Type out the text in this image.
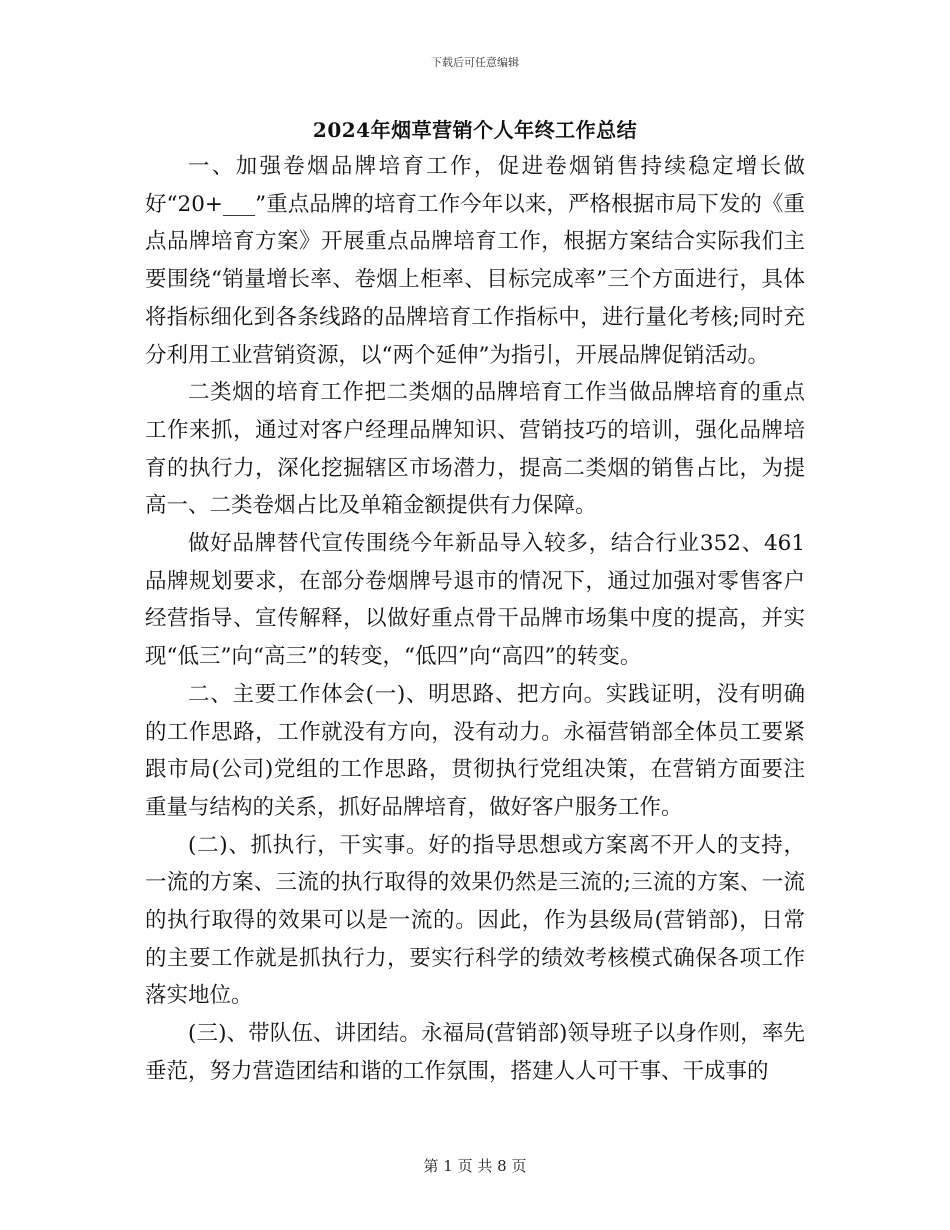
下载后可任意编辑
2024年烟草营销个人年终工作总结

一、加强卷烟品牌培育工作，促进卷烟销售持续稳定增长做好“20+___”重点品牌的培育工作今年以来，严格根据市局下发的《重点品牌培育方案》开展重点品牌培育工作，根据方案结合实际我们主要围绕“销量增长率、卷烟上柜率、目标完成率”三个方面进行，具体将指标细化到各条线路的品牌培育工作指标中，进行量化考核;同时充分利用工业营销资源，以“两个延伸”为指引，开展品牌促销活动。

二类烟的培育工作把二类烟的品牌培育工作当做品牌培育的重点工作来抓，通过对客户经理品牌知识、营销技巧的培训，强化品牌培育的执行力，深化挖掘辖区市场潜力，提高二类烟的销售占比，为提高一、二类卷烟占比及单箱金额提供有力保障。

做好品牌替代宣传围绕今年新品导入较多，结合行业352、461品牌规划要求，在部分卷烟牌号退市的情况下，通过加强对零售客户经营指导、宣传解释，以做好重点骨干品牌市场集中度的提高，并实现“低三”向“高三”的转变，“低四”向“高四”的转变。

二、主要工作体会(一)、明思路、把方向。实践证明，没有明确的工作思路，工作就没有方向，没有动力。永福营销部全体员工要紧跟市局(公司)党组的工作思路，贯彻执行党组决策，在营销方面要注重量与结构的关系，抓好品牌培育，做好客户服务工作。

(二)、抓执行，干实事。好的指导思想或方案离不开人的支持，一流的方案、三流的执行取得的效果仍然是三流的;三流的方案、一流的执行取得的效果可以是一流的。因此，作为县级局(营销部)，日常的主要工作就是抓执行力，要实行科学的绩效考核模式确保各项工作落实地位。

(三)、带队伍、讲团结。永福局(营销部)领导班子以身作则，率先垂范，努力营造团结和谐的工作氛围，搭建人人可干事、干成事的

第 1 页 共 8 页
